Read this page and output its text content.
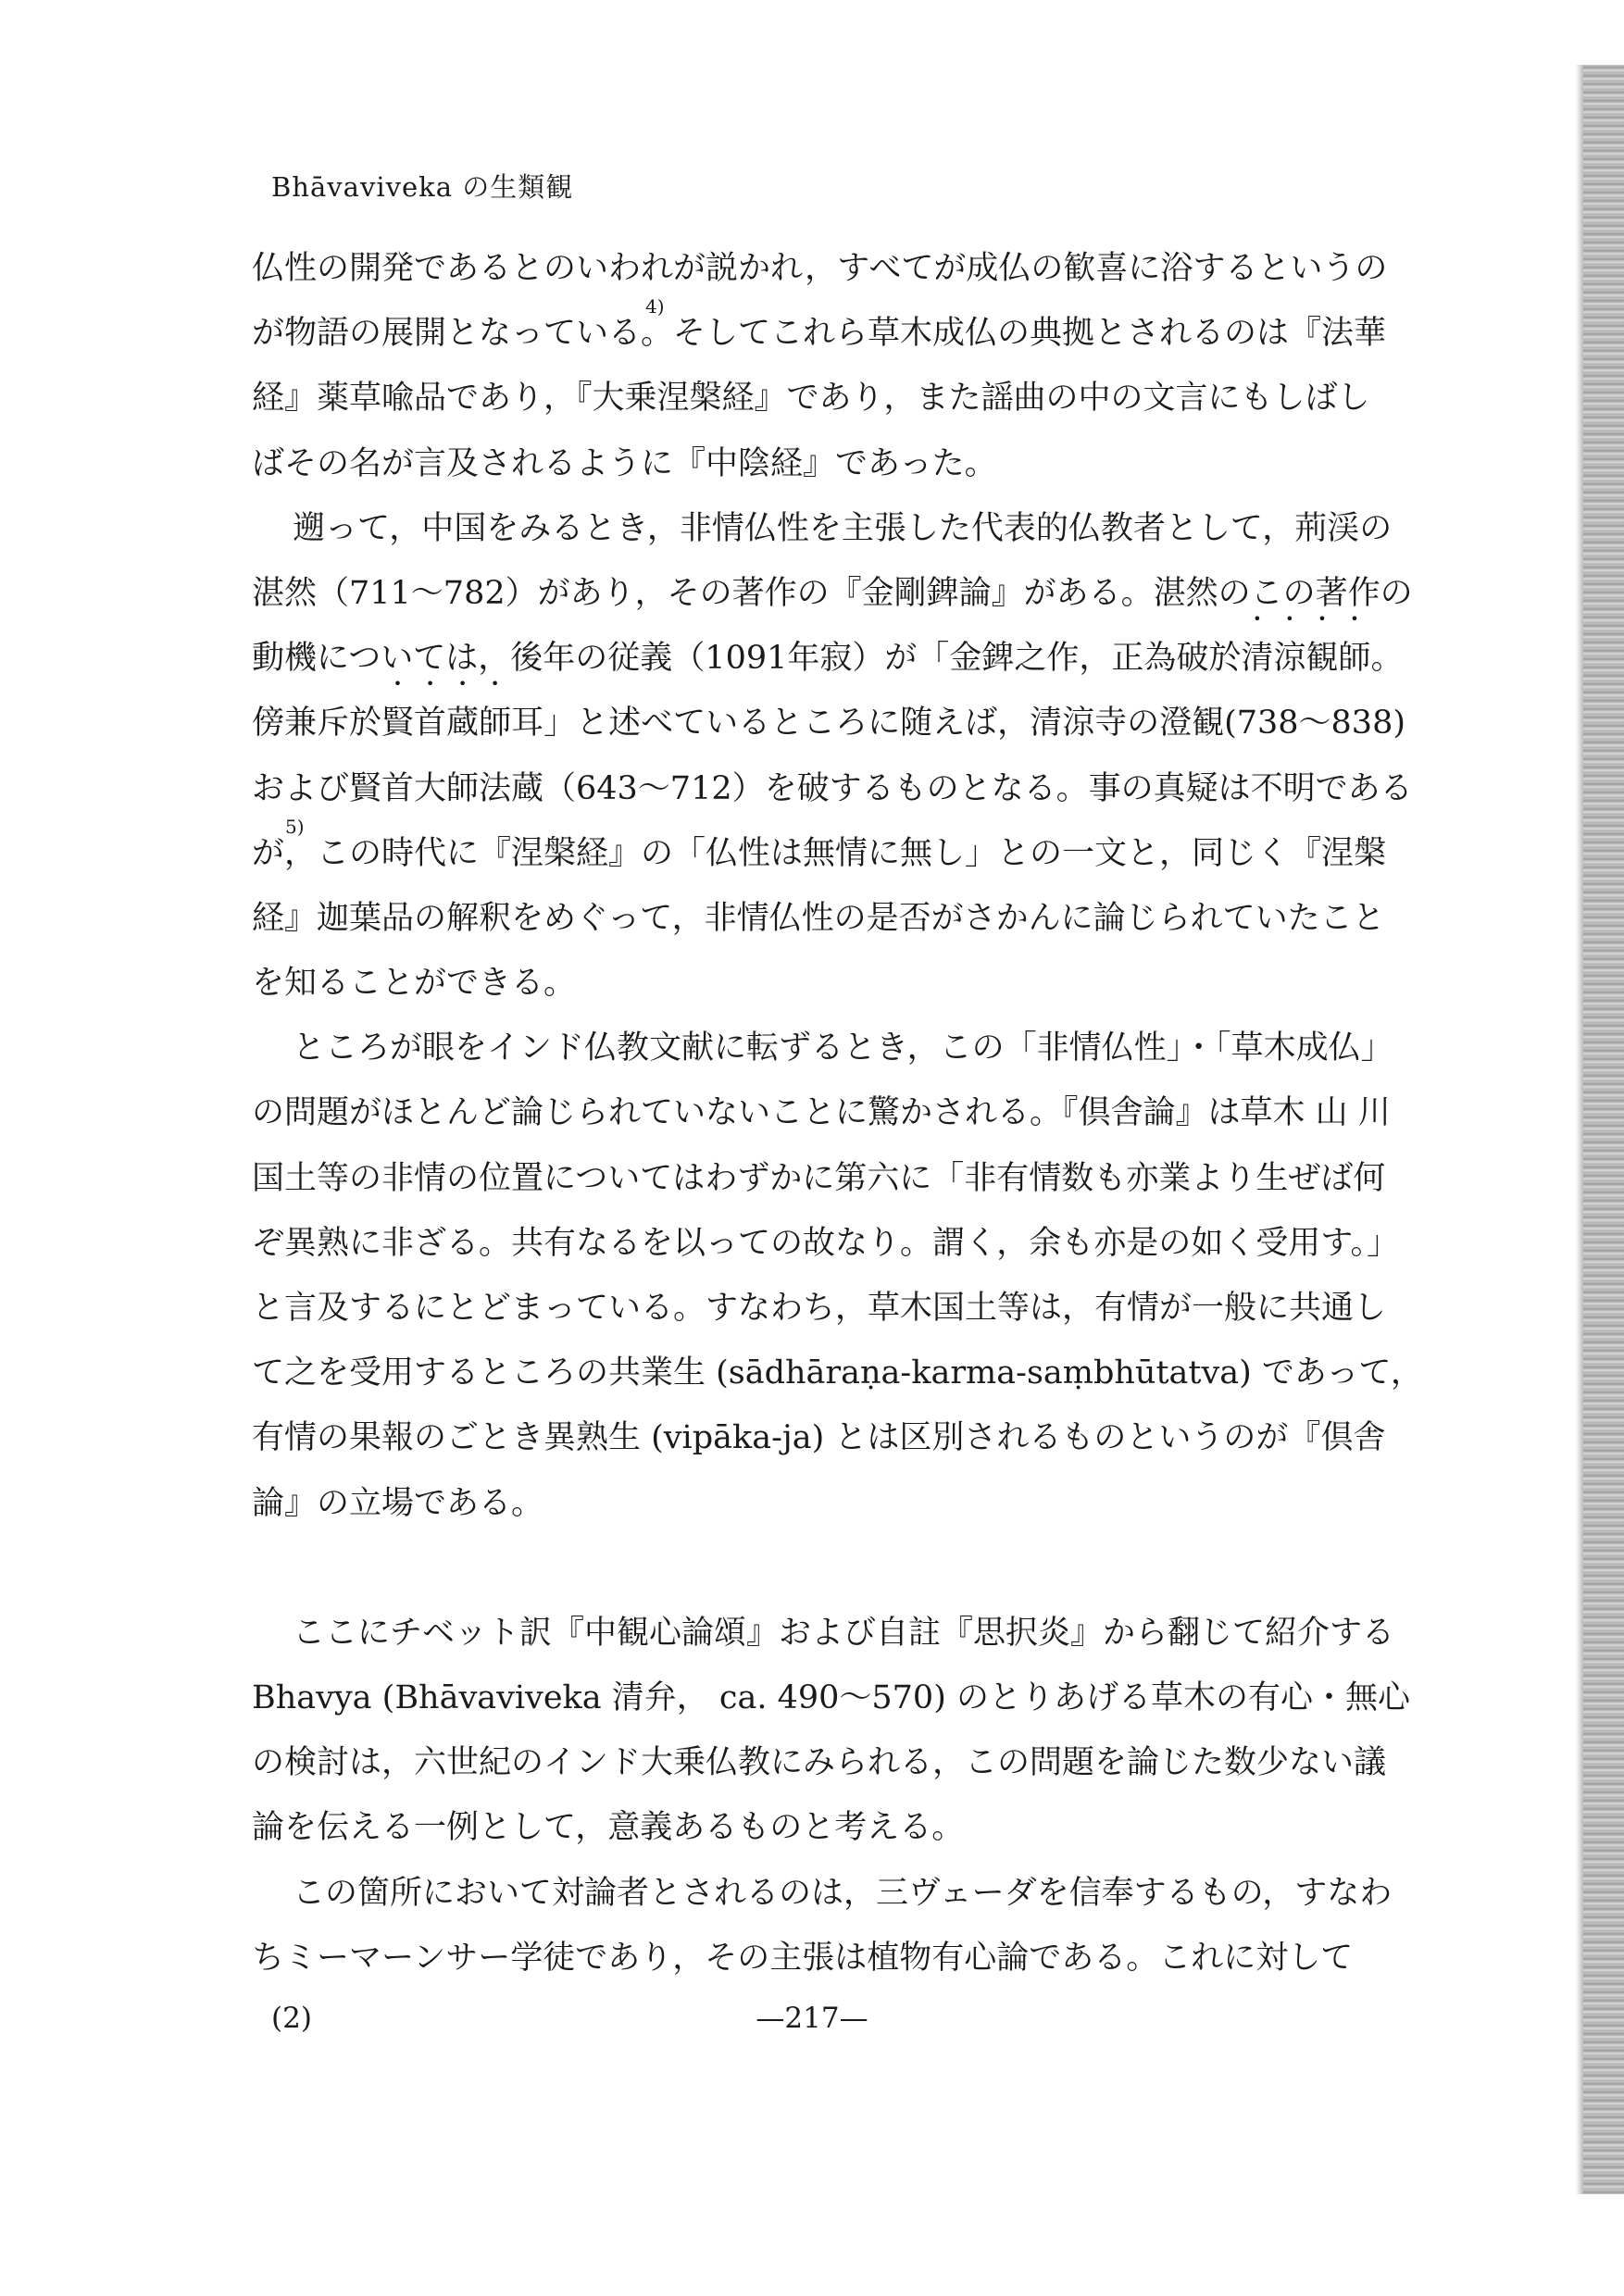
Bhāvaviveka の生類観
仏性の開発であるとのいわれが説かれ，すべてが成仏の歓喜に浴するというの
が物語の展開となっている。そしてこれら草木成仏の典拠とされるのは『法華
4)
経』薬草喩品であり，『大乗涅槃経』であり，また謡曲の中の文言にもしばし
ばその名が言及されるように『中陰経』であった。
遡って，中国をみるとき，非情仏性を主張した代表的仏教者として，荊渓の
湛然（711～782）があり，その著作の『金剛錍論』がある。湛然のこの著作の
動機については，後年の従義（1091年寂）が「金錍之作，正為破於清涼観師。
傍兼斥於賢首蔵師耳」と述べているところに随えば，清涼寺の澄観(738～838)
および賢首大師法蔵（643～712）を破するものとなる。事の真疑は不明である
が，この時代に『涅槃経』の「仏性は無情に無し」との一文と，同じく『涅槃
5)
経』迦葉品の解釈をめぐって，非情仏性の是否がさかんに論じられていたこと
を知ることができる。
ところが眼をインド仏教文献に転ずるとき，この「非情仏性」・「草木成仏」
の問題がほとんど論じられていないことに驚かされる。『倶舎論』は草木 山 川
国土等の非情の位置についてはわずかに第六に「非有情数も亦業より生ぜば何
ぞ異熟に非ざる。共有なるを以っての故なり。謂く，余も亦是の如く受用す。」
と言及するにとどまっている。すなわち，草木国土等は，有情が一般に共通し
て之を受用するところの共業生 (sādhāraṇa-karma-saṃbhūtatva) であって，
有情の果報のごとき異熟生 (vipāka-ja) とは区別されるものというのが『倶舎
論』の立場である。
ここにチベット訳『中観心論頌』および自註『思択炎』から翻じて紹介する
Bhavya (Bhāvaviveka 清弁， ca. 490～570) のとりあげる草木の有心・無心
の検討は，六世紀のインド大乗仏教にみられる，この問題を論じた数少ない議
論を伝える一例として，意義あるものと考える。
この箇所において対論者とされるのは，三ヴェーダを信奉するもの，すなわ
ちミーマーンサー学徒であり，その主張は植物有心論である。これに対して
(2)	—217—
